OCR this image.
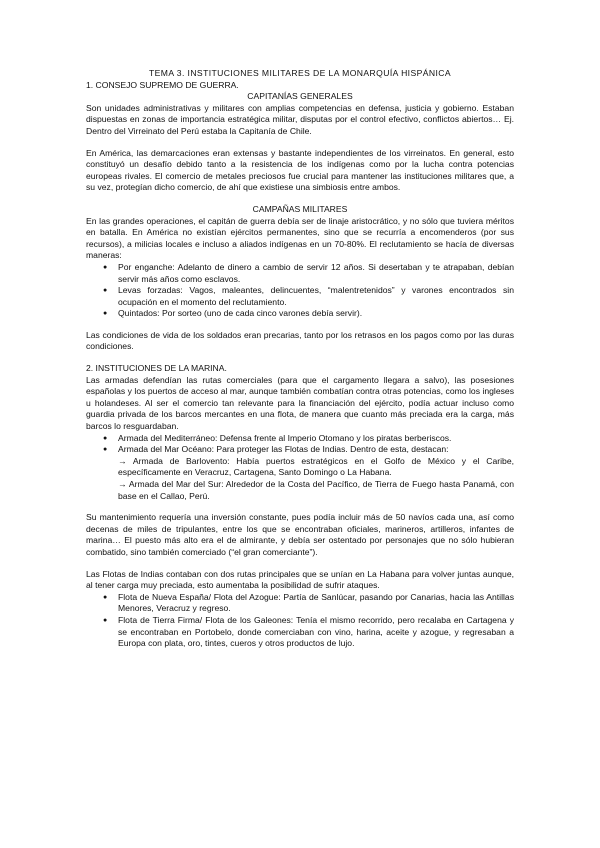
TEMA 3. INSTITUCIONES MILITARES DE LA MONARQUÍA HISPÁNICA
1. CONSEJO SUPREMO DE GUERRA.
CAPITANÍAS GENERALES

Son unidades administrativas y militares con amplias competencias en defensa, justicia y gobierno. Estaban dispuestas en zonas de importancia estratégica militar, disputas por el control efectivo, conflictos abiertos… Ej. Dentro del Virreinato del Perú estaba la Capitanía de Chile.

En América, las demarcaciones eran extensas y bastante independientes de los virreinatos. En general, esto constituyó un desafío debido tanto a la resistencia de los indígenas como por la lucha contra potencias europeas rivales. El comercio de metales preciosos fue crucial para mantener las instituciones militares que, a su vez, protegían dicho comercio, de ahí que existiese una simbiosis entre ambos.

CAMPAÑAS MILITARES

En las grandes operaciones, el capitán de guerra debía ser de linaje aristocrático, y no sólo que tuviera méritos en batalla. En América no existían ejércitos permanentes, sino que se recurría a encomenderos (por sus recursos), a milicias locales e incluso a aliados indígenas en un 70-80%. El reclutamiento se hacía de diversas maneras:

● Por enganche: Adelanto de dinero a cambio de servir 12 años. Si desertaban y te atrapaban, debían servir más años como esclavos.
● Levas forzadas: Vagos, maleantes, delincuentes, “malentretenidos” y varones encontrados sin ocupación en el momento del reclutamiento.
● Quintados: Por sorteo (uno de cada cinco varones debía servir).

Las condiciones de vida de los soldados eran precarias, tanto por los retrasos en los pagos como por las duras condiciones.

2. INSTITUCIONES DE LA MARINA.

Las armadas defendían las rutas comerciales (para que el cargamento llegara a salvo), las posesiones españolas y los puertos de acceso al mar, aunque también combatían contra otras potencias, como los ingleses u holandeses. Al ser el comercio tan relevante para la financiación del ejército, podía actuar incluso como guardia privada de los barcos mercantes en una flota, de manera que cuanto más preciada era la carga, más barcos lo resguardaban.

● Armada del Mediterráneo: Defensa frente al Imperio Otomano y los piratas berberiscos.
● Armada del Mar Océano: Para proteger las Flotas de Indias. Dentro de esta, destacan:
→ Armada de Barlovento: Había puertos estratégicos en el Golfo de México y el Caribe, específicamente en Veracruz, Cartagena, Santo Domingo o La Habana.
→ Armada del Mar del Sur: Alrededor de la Costa del Pacífico, de Tierra de Fuego hasta Panamá, con base en el Callao, Perú.

Su mantenimiento requería una inversión constante, pues podía incluir más de 50 navíos cada una, así como decenas de miles de tripulantes, entre los que se encontraban oficiales, marineros, artilleros, infantes de marina… El puesto más alto era el de almirante, y debía ser ostentado por personajes que no sólo hubieran combatido, sino también comerciado (“el gran comerciante”).

Las Flotas de Indias contaban con dos rutas principales que se unían en La Habana para volver juntas aunque, al tener carga muy preciada, esto aumentaba la posibilidad de sufrir ataques.

● Flota de Nueva España/ Flota del Azogue: Partía de Sanlúcar, pasando por Canarias, hacia las Antillas Menores, Veracruz y regreso.
● Flota de Tierra Firma/ Flota de los Galeones: Tenía el mismo recorrido, pero recalaba en Cartagena y se encontraban en Portobelo, donde comerciaban con vino, harina, aceite y azogue, y regresaban a Europa con plata, oro, tintes, cueros y otros productos de lujo.
